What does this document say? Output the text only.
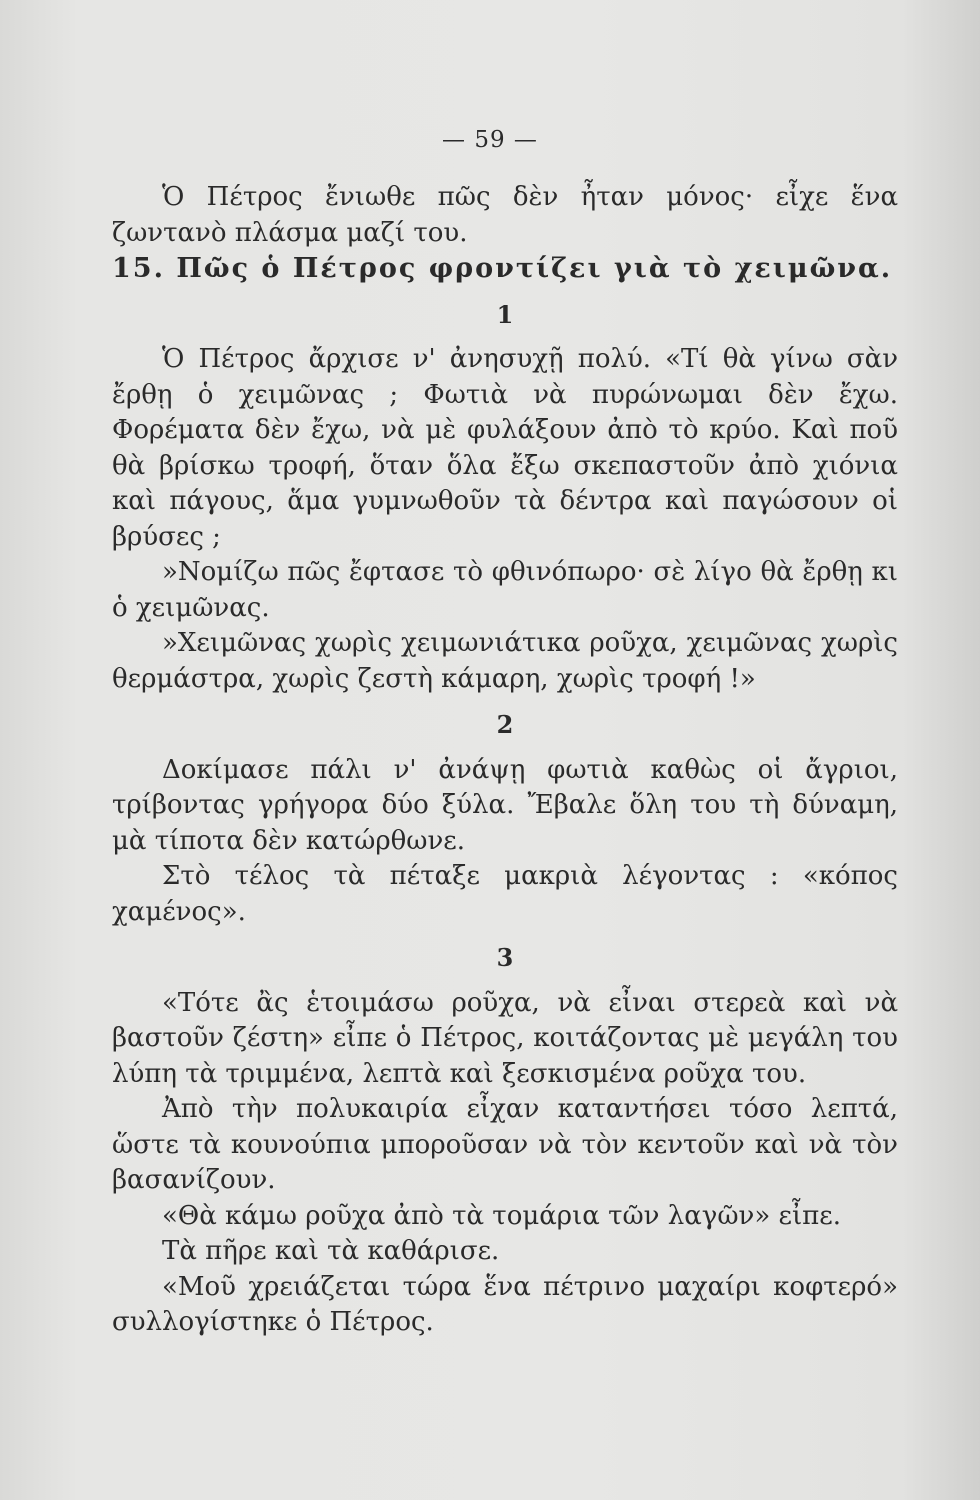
— 59 —

Ὁ Πέτρος ἔνιωθε πῶς δὲν ἦταν μόνος· εἶχε ἕνα ζωντανὸ πλάσμα μαζί του.

15. Πῶς ὁ Πέτρος φροντίζει γιὰ τὸ χειμῶνα.

1

Ὁ Πέτρος ἄρχισε ν' ἀνησυχῇ πολύ. «Τί θὰ γίνω σὰν ἔρθῃ ὁ χειμῶνας ; Φωτιὰ νὰ πυρώνωμαι δὲν ἔχω. Φορέματα δὲν ἔχω, νὰ μὲ φυλάξουν ἀπὸ τὸ κρύο. Καὶ ποῦ θὰ βρίσκω τροφή, ὅταν ὅλα ἔξω σκεπαστοῦν ἀπὸ χιόνια καὶ πάγους, ἅμα γυμνωθοῦν τὰ δέντρα καὶ παγώσουν οἱ βρύσες ;

»Νομίζω πῶς ἔφτασε τὸ φθινόπωρο· σὲ λίγο θὰ ἔρθῃ κι ὁ χειμῶνας.

»Χειμῶνας χωρὶς χειμωνιάτικα ροῦχα, χειμῶνας χωρὶς θερμάστρα, χωρὶς ζεστὴ κάμαρη, χωρὶς τροφή !»

2

Δοκίμασε πάλι ν' ἀνάψῃ φωτιὰ καθὼς οἱ ἄγριοι, τρίβοντας γρήγορα δύο ξύλα. Ἔβαλε ὅλη του τὴ δύναμη, μὰ τίποτα δὲν κατώρθωνε.

Στὸ τέλος τὰ πέταξε μακριὰ λέγοντας : «κόπος χαμένος».

3

«Τότε ἂς ἑτοιμάσω ροῦχα, νὰ εἶναι στερεὰ καὶ νὰ βαστοῦν ζέστη» εἶπε ὁ Πέτρος, κοιτάζοντας μὲ μεγάλη του λύπη τὰ τριμμένα, λεπτὰ καὶ ξεσκισμένα ροῦχα του.

Ἀπὸ τὴν πολυκαιρία εἶχαν καταντήσει τόσο λεπτά, ὥστε τὰ κουνούπια μποροῦσαν νὰ τὸν κεντοῦν καὶ νὰ τὸν βασανίζουν.

«Θὰ κάμω ροῦχα ἀπὸ τὰ τομάρια τῶν λαγῶν» εἶπε.

Τὰ πῆρε καὶ τὰ καθάρισε.

«Μοῦ χρειάζεται τώρα ἕνα πέτρινο μαχαίρι κοφτερό» συλλογίστηκε ὁ Πέτρος.
